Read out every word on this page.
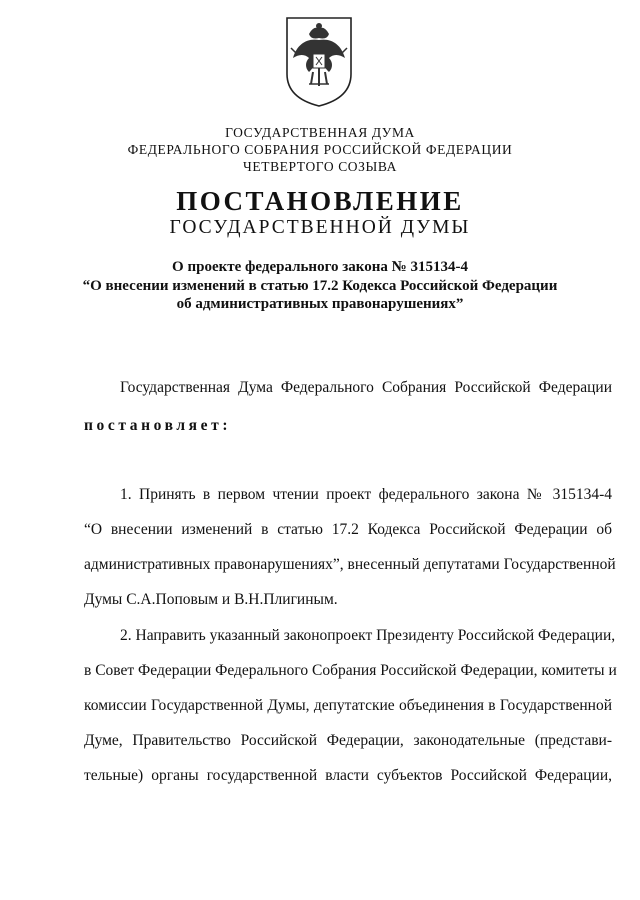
ГОСУДАРСТВЕННАЯ ДУМА
ФЕДЕРАЛЬНОГО СОБРАНИЯ РОССИЙСКОЙ ФЕДЕРАЦИИ
ЧЕТВЕРТОГО СОЗЫВА
ПОСТАНОВЛЕНИЕ
ГОСУДАРСТВЕННОЙ ДУМЫ
О проекте федерального закона № 315134-4
“О внесении изменений в статью 17.2 Кодекса Российской Федерации
об административных правонарушениях”
Государственная Дума Федерального Собрания Российской Федерации
постановляет:
1. Принять в первом чтении проект федерального закона № 315134-4
“О внесении изменений в статью 17.2 Кодекса Российской Федерации об
административных правонарушениях”, внесенный депутатами Государственной
Думы С.А.Поповым и В.Н.Плигиным.
2. Направить указанный законопроект Президенту Российской Федерации,
в Совет Федерации Федерального Собрания Российской Федерации, комитеты и
комиссии Государственной Думы, депутатские объединения в Государственной
Думе, Правительство Российской Федерации, законодательные (представи-
тельные) органы государственной власти субъектов Российской Федерации,
